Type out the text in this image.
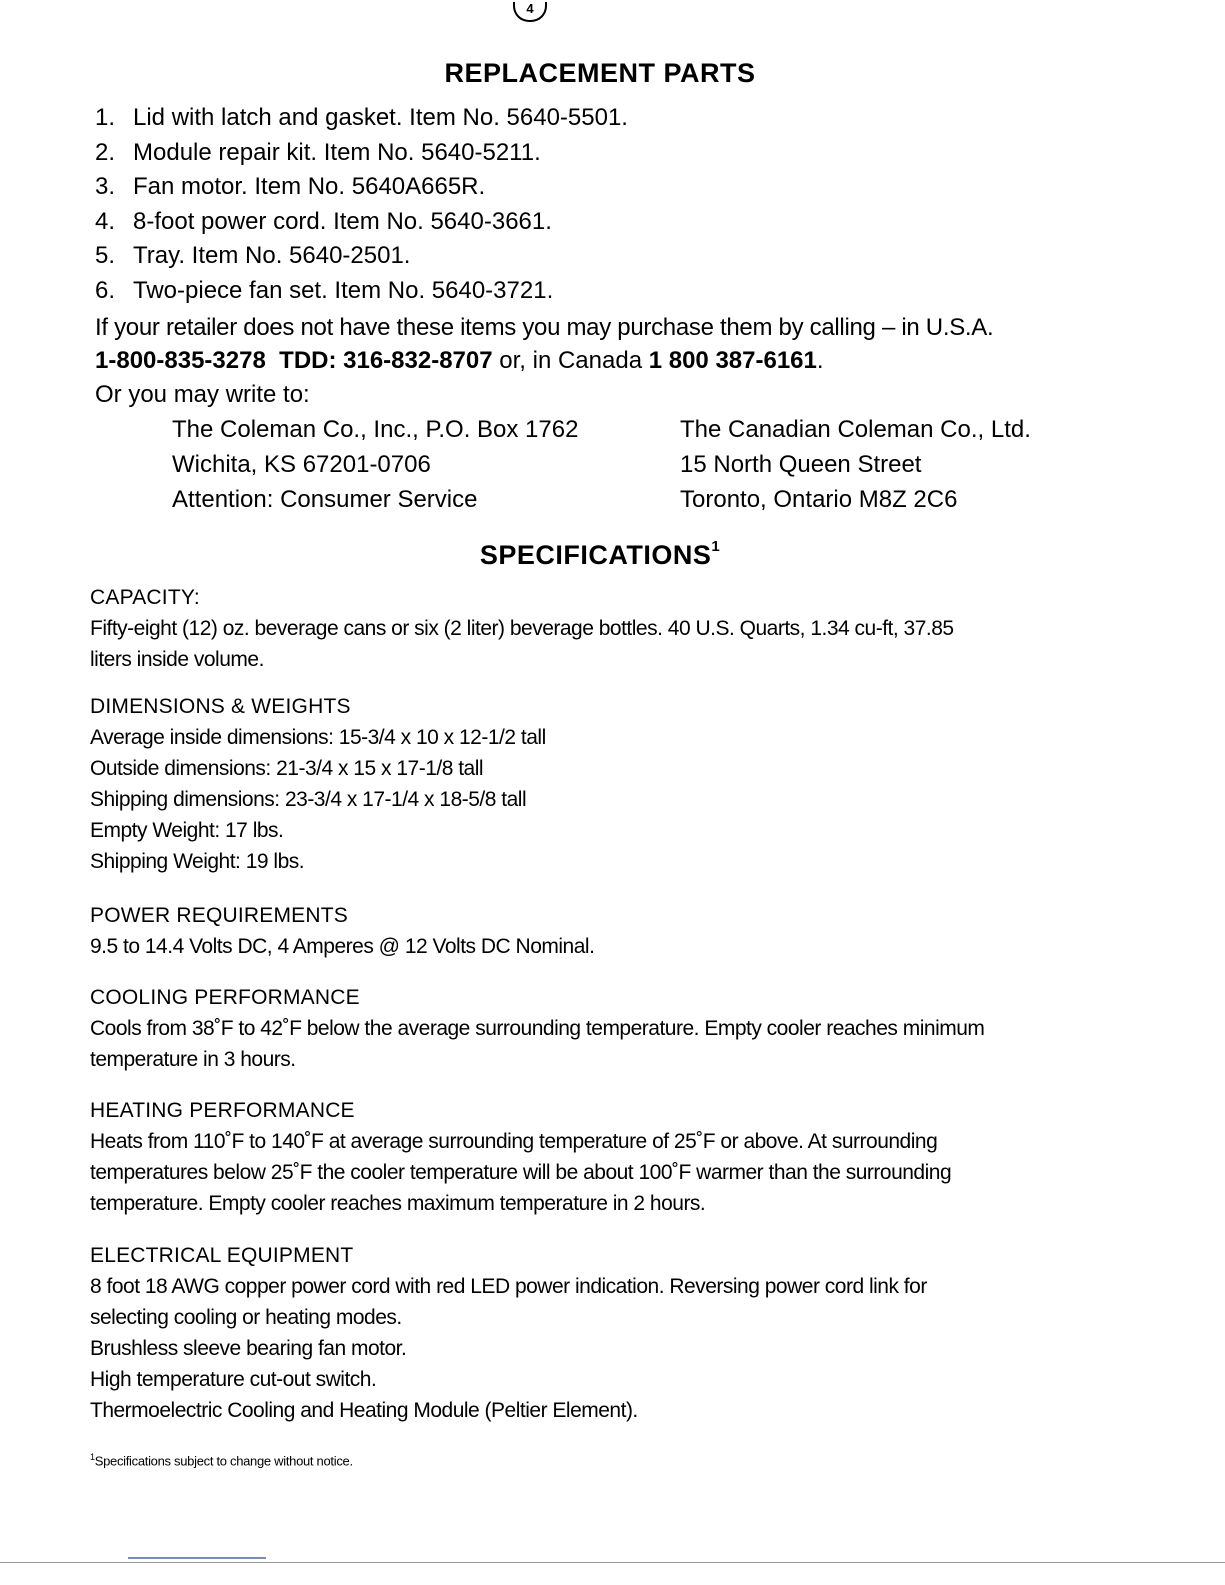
4
REPLACEMENT PARTS
1. Lid with latch and gasket. Item No. 5640-5501.
2. Module repair kit. Item No. 5640-5211.
3. Fan motor. Item No. 5640A665R.
4. 8-foot power cord. Item No. 5640-3661.
5. Tray. Item No. 5640-2501.
6. Two-piece fan set. Item No. 5640-3721.
If your retailer does not have these items you may purchase them by calling – in U.S.A.
1-800-835-3278 TDD: 316-832-8707 or, in Canada 1 800 387-6161.
Or you may write to:
The Coleman Co., Inc., P.O. Box 1762
Wichita, KS 67201-0706
Attention: Consumer Service
The Canadian Coleman Co., Ltd.
15 North Queen Street
Toronto, Ontario M8Z 2C6
SPECIFICATIONS$^1$
CAPACITY:
Fifty-eight (12) oz. beverage cans or six (2 liter) beverage bottles. 40 U.S. Quarts, 1.34 cu-ft, 37.85
liters inside volume.
DIMENSIONS & WEIGHTS
Average inside dimensions: 15-3/4 x 10 x 12-1/2 tall
Outside dimensions: 21-3/4 x 15 x 17-1/8 tall
Shipping dimensions: 23-3/4 x 17-1/4 x 18-5/8 tall
Empty Weight: 17 lbs.
Shipping Weight: 19 lbs.
POWER REQUIREMENTS
9.5 to 14.4 Volts DC, 4 Amperes @ 12 Volts DC Nominal.
COOLING PERFORMANCE
Cools from 38˚F to 42˚F below the average surrounding temperature. Empty cooler reaches minimum
temperature in 3 hours.
HEATING PERFORMANCE
Heats from 110˚F to 140˚F at average surrounding temperature of 25˚F or above. At surrounding
temperatures below 25˚F the cooler temperature will be about 100˚F warmer than the surrounding
temperature. Empty cooler reaches maximum temperature in 2 hours.
ELECTRICAL EQUIPMENT
8 foot 18 AWG copper power cord with red LED power indication. Reversing power cord link for
selecting cooling or heating modes.
Brushless sleeve bearing fan motor.
High temperature cut-out switch.
Thermoelectric Cooling and Heating Module (Peltier Element).
$^1$Specifications subject to change without notice.
